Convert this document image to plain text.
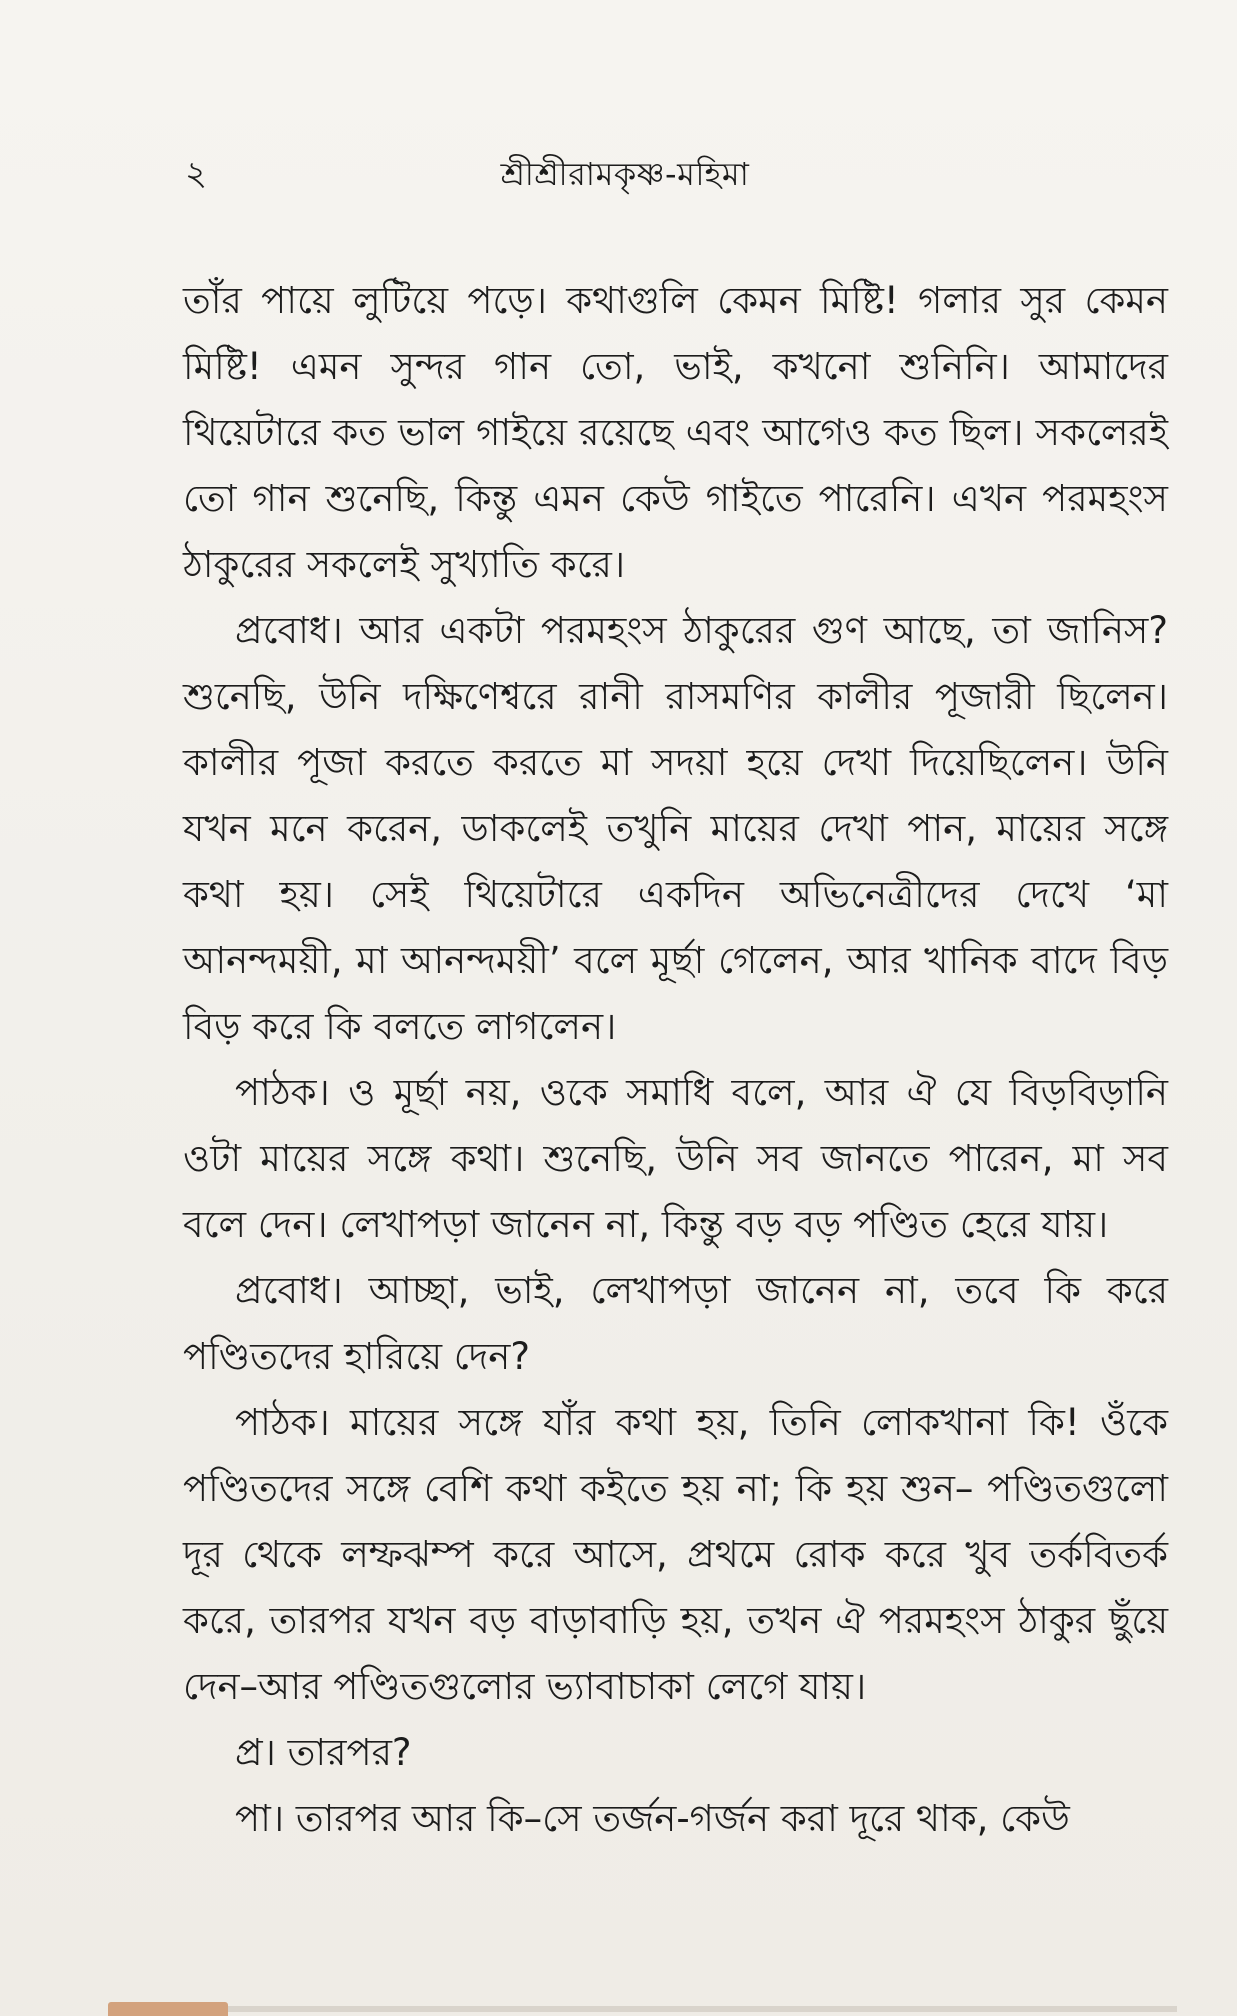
২	শ্রীশ্রীরামকৃষ্ণ-মহিমা

তাঁর পায়ে লুটিয়ে পড়ে। কথাগুলি কেমন মিষ্টি! গলার সুর কেমন মিষ্টি! এমন সুন্দর গান তো, ভাই, কখনো শুনিনি। আমাদের থিয়েটারে কত ভাল গাইয়ে রয়েছে এবং আগেও কত ছিল। সকলেরই তো গান শুনেছি, কিন্তু এমন কেউ গাইতে পারেনি। এখন পরমহংস ঠাকুরের সকলেই সুখ্যাতি করে।

প্রবোধ। আর একটা পরমহংস ঠাকুরের গুণ আছে, তা জানিস? শুনেছি, উনি দক্ষিণেশ্বরে রানী রাসমণির কালীর পূজারী ছিলেন। কালীর পূজা করতে করতে মা সদয়া হয়ে দেখা দিয়েছিলেন। উনি যখন মনে করেন, ডাকলেই তখুনি মায়ের দেখা পান, মায়ের সঙ্গে কথা হয়। সেই থিয়েটারে একদিন অভিনেত্রীদের দেখে ‘মা আনন্দময়ী, মা আনন্দময়ী’ বলে মূর্ছা গেলেন, আর খানিক বাদে বিড় বিড় করে কি বলতে লাগলেন।

পাঠক। ও মূর্ছা নয়, ওকে সমাধি বলে, আর ঐ যে বিড়বিড়ানি ওটা মায়ের সঙ্গে কথা। শুনেছি, উনি সব জানতে পারেন, মা সব বলে দেন। লেখাপড়া জানেন না, কিন্তু বড় বড় পণ্ডিত হেরে যায়।

প্রবোধ। আচ্ছা, ভাই, লেখাপড়া জানেন না, তবে কি করে পণ্ডিতদের হারিয়ে দেন?

পাঠক। মায়ের সঙ্গে যাঁর কথা হয়, তিনি লোকখানা কি! ওঁকে পণ্ডিতদের সঙ্গে বেশি কথা কইতে হয় না; কি হয় শুন– পণ্ডিতগুলো দূর থেকে লম্ফঝম্প করে আসে, প্রথমে রোক করে খুব তর্কবিতর্ক করে, তারপর যখন বড় বাড়াবাড়ি হয়, তখন ঐ পরমহংস ঠাকুর ছুঁয়ে দেন–আর পণ্ডিতগুলোর ভ্যাবাচাকা লেগে যায়।

প্র। তারপর?

পা। তারপর আর কি–সে তর্জন-গর্জন করা দূরে থাক, কেউ
